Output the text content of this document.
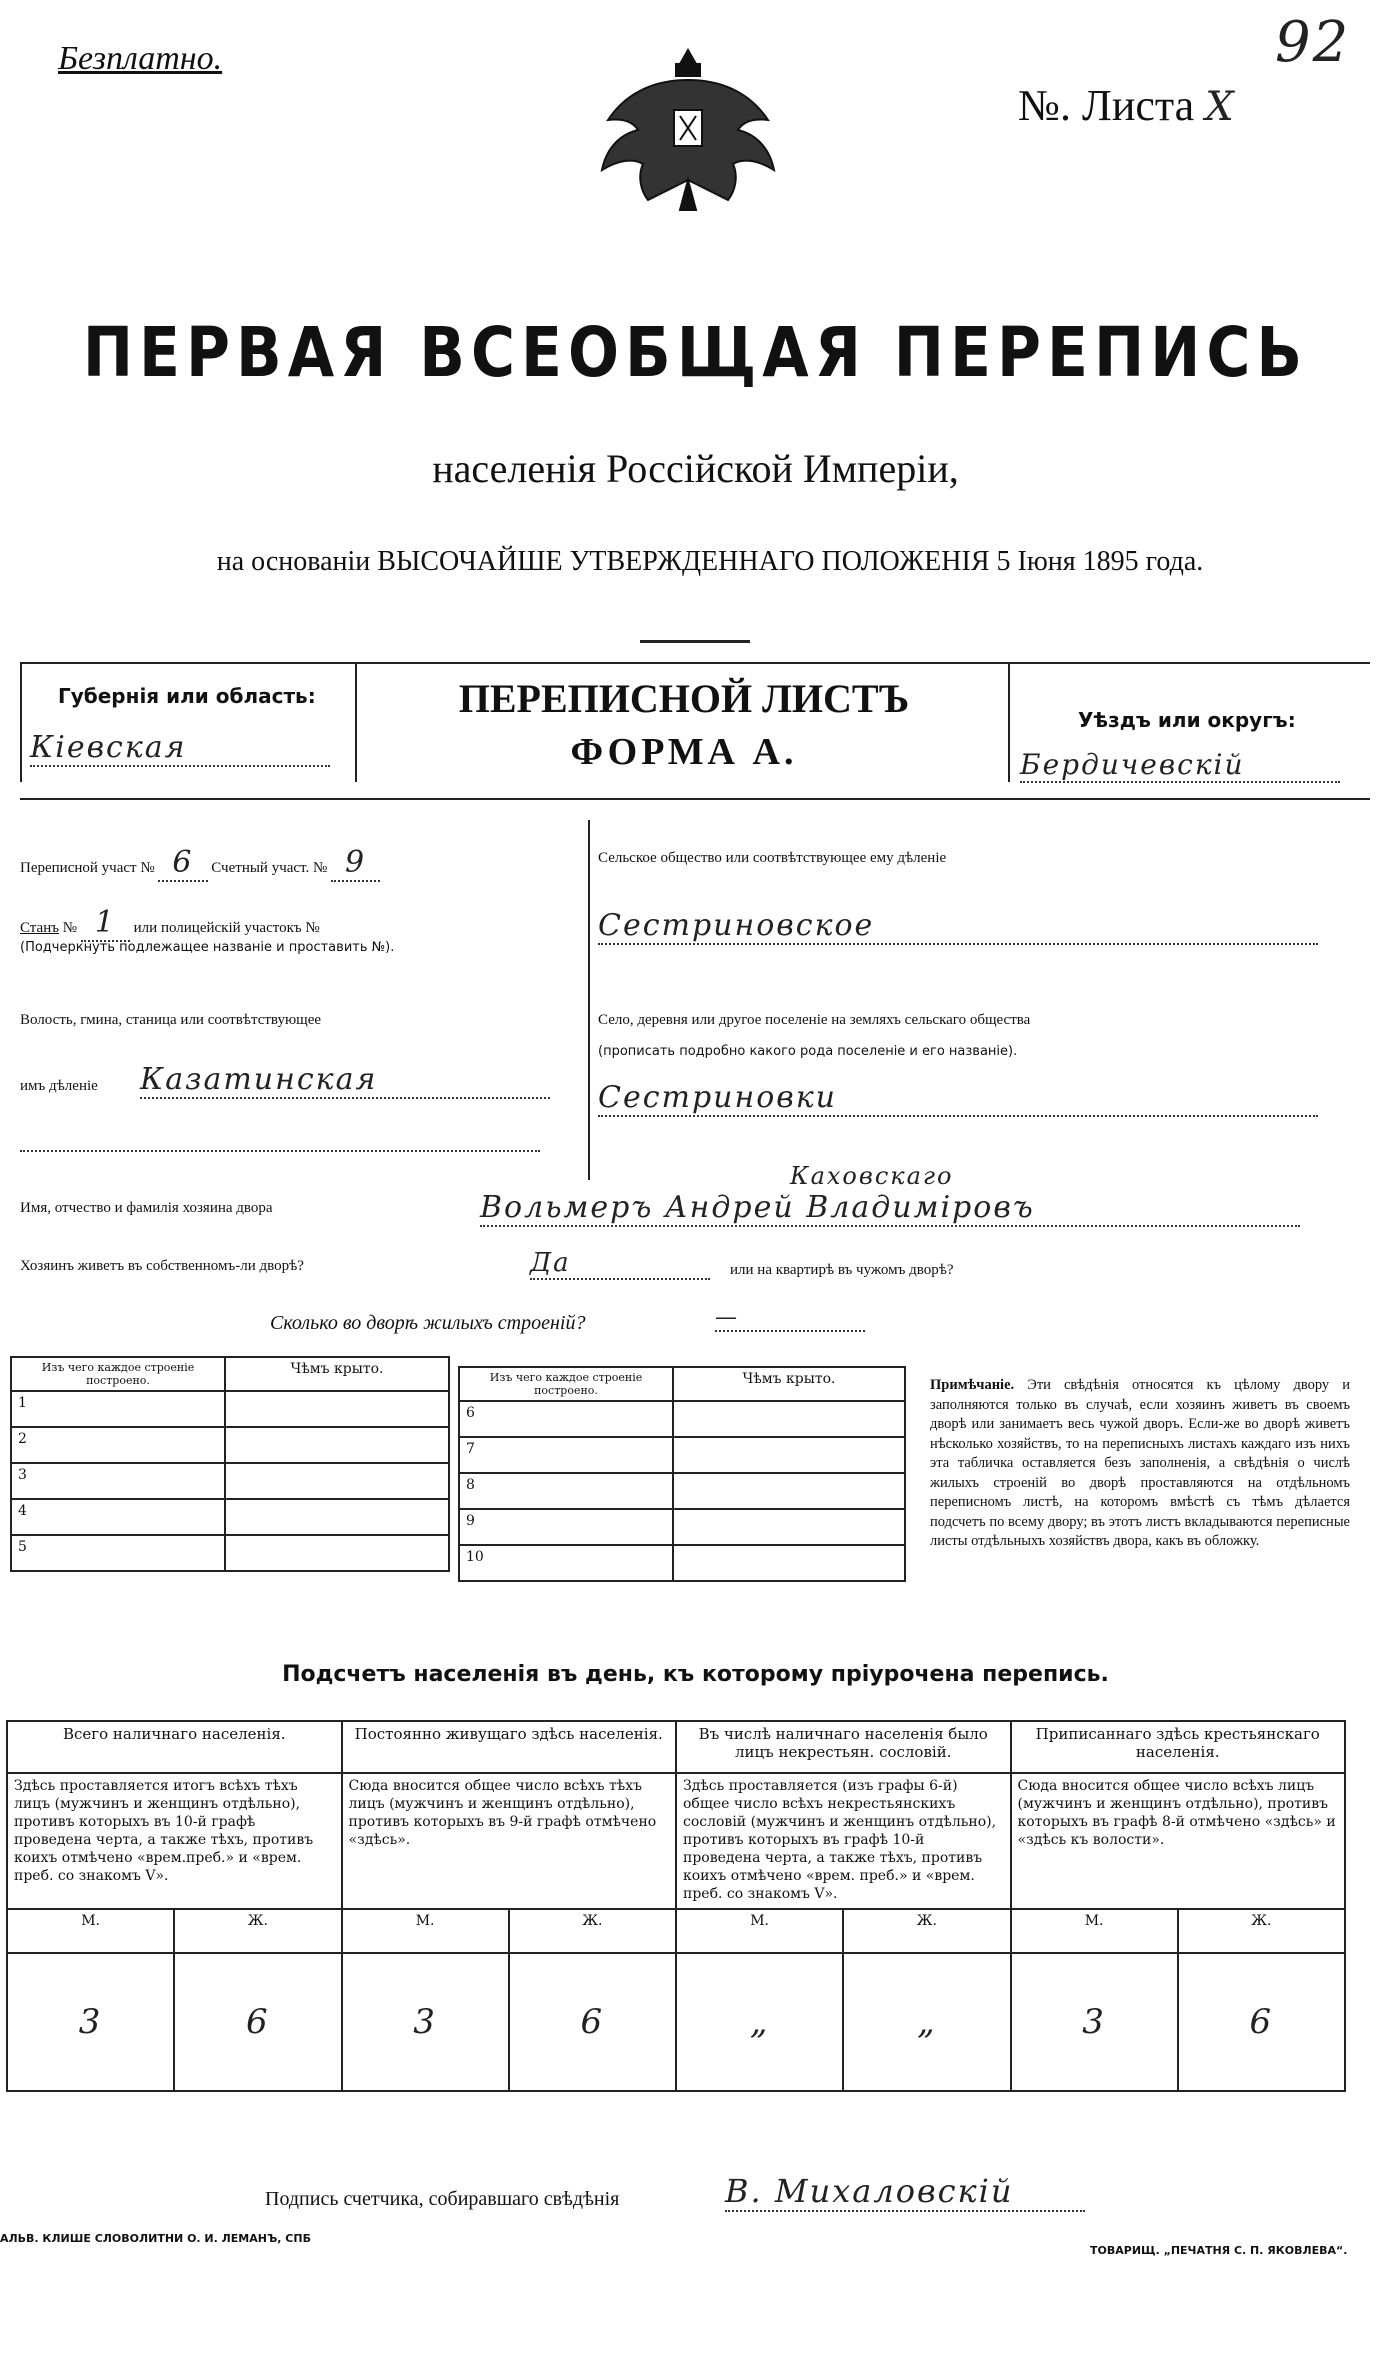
Безплатно.	92
№. Листа X
ПЕРВАЯ ВСЕОБЩАЯ ПЕРЕПИСЬ
населенія Россійской Имперіи,
на основаніи ВЫСОЧАЙШЕ УТВЕРЖДЕННАГО ПОЛОЖЕНІЯ 5 Іюня 1895 года.
Губернія или область:
Кіевская
ПЕРЕПИСНОЙ ЛИСТЪ
ФОРМА А.
Уѣздъ или округъ:
Бердичевскій
Переписной участ № 6 Счетный участ. № 9
Станъ № 1 или полицейскій участокъ №
(Подчеркнуть подлежащее названіе и проставить №).
Волость, гмина, станица или соотвѣтствующее
имъ дѣленіе Казатинская
Сельское общество или соотвѣтствующее ему дѣленіе
Сестриновское
Село, деревня или другое поселеніе на земляхъ сельскаго общества
(прописать подробно какого рода поселеніе и его названіе).
Сестриновки
Каховскаго
Имя, отчество и фамилія хозяина двора	Вольмеръ Андрей Владиміровъ
Хозяинъ живетъ въ собственномъ-ли дворѣ?	Да	или на квартирѣ въ чужомъ дворѣ?
Сколько во дворѣ жилыхъ строеній?	—
Изъ чего каждое строеніе построено.	Чѣмъ крыто.
1	
2	
3	
4	
5	
Изъ чего каждое строеніе построено.	Чѣмъ крыто.
6	
7	
8	
9	
10	
Примѣчаніе. Эти свѣдѣнія относятся къ цѣлому двору и заполняются только въ случаѣ, если хозяинъ живетъ въ своемъ дворѣ или занимаетъ весь чужой дворъ. Если-же во дворѣ живетъ нѣсколько хозяйствъ, то на переписныхъ листахъ каждаго изъ нихъ эта табличка оставляется безъ заполненія, а свѣдѣнія о числѣ жилыхъ строеній во дворѣ проставляются на отдѣльномъ переписномъ листѣ, на которомъ вмѣстѣ съ тѣмъ дѣлается подсчетъ по всему двору; въ этотъ листъ вкладываются переписные листы отдѣльныхъ хозяйствъ двора, какъ въ обложку.
Подсчетъ населенія въ день, къ которому пріурочена перепись.
Всего наличнаго населенія.		Постоянно живущаго здѣсь населенія.		Въ числѣ наличнаго населенія было лицъ некрестьян. сословій.		Приписаннаго здѣсь крестьянскаго населенія.	
Здѣсь проставляется итогъ всѣхъ тѣхъ лицъ (мужчинъ и женщинъ отдѣльно), противъ которыхъ въ 10-й графѣ проведена черта, а также тѣхъ, противъ коихъ отмѣчено «врем.преб.» и «врем. преб. со знакомъ V».		Сюда вносится общее число всѣхъ тѣхъ лицъ (мужчинъ и женщинъ отдѣльно), противъ которыхъ въ 9-й графѣ отмѣчено «здѣсь».		Здѣсь проставляется (изъ графы 6-й) общее число всѣхъ некрестьянскихъ сословій (мужчинъ и женщинъ отдѣльно), противъ которыхъ въ графѣ 10-й проведена черта, а также тѣхъ, противъ коихъ отмѣчено «врем. преб.» и «врем. преб. со знакомъ V».		Сюда вносится общее число всѣхъ лицъ (мужчинъ и женщинъ отдѣльно), противъ которыхъ въ графѣ 8-й отмѣчено «здѣсь» и «здѣсь къ волости».	
М.	Ж.	М.	Ж.	М.	Ж.	М.	Ж.
3	6	3	6	„	„	3	6
Подпись счетчика, собиравшаго свѣдѣнія	В. Михаловскій
АЛЬВ. КЛИШЕ СЛОВОЛИТНИ О. И. ЛЕМАНЪ, СПБ
ТОВАРИЩ. „ПЕЧАТНЯ С. П. ЯКОВЛЕВА“.
